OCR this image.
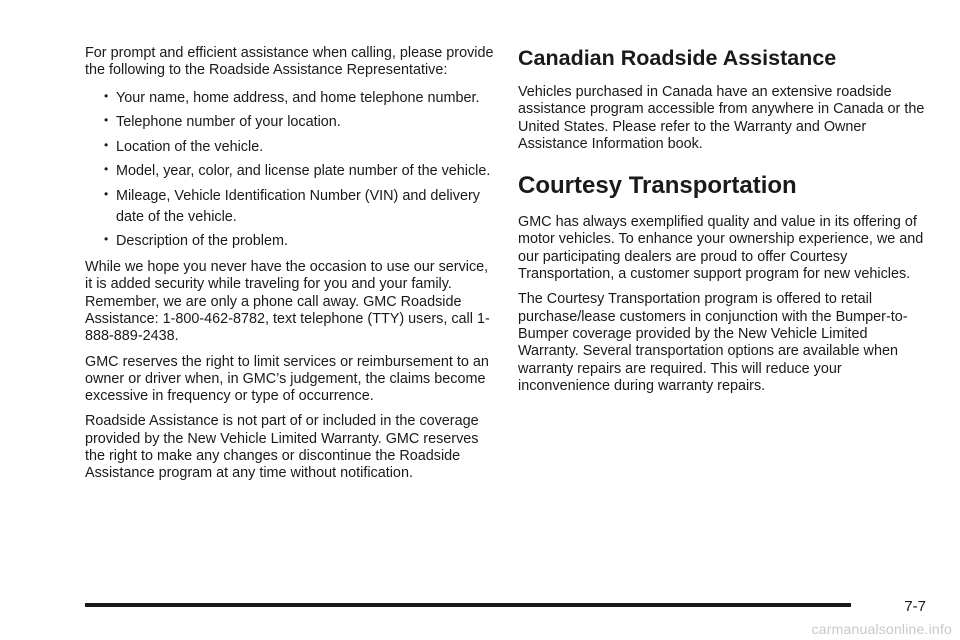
For prompt and efficient assistance when calling, please provide the following to the Roadside Assistance Representative:

• Your name, home address, and home telephone number.
• Telephone number of your location.
• Location of the vehicle.
• Model, year, color, and license plate number of the vehicle.
• Mileage, Vehicle Identification Number (VIN) and delivery date of the vehicle.
• Description of the problem.

While we hope you never have the occasion to use our service, it is added security while traveling for you and your family. Remember, we are only a phone call away. GMC Roadside Assistance: 1-800-462-8782, text telephone (TTY) users, call 1-888-889-2438.

GMC reserves the right to limit services or reimbursement to an owner or driver when, in GMC’s judgement, the claims become excessive in frequency or type of occurrence.

Roadside Assistance is not part of or included in the coverage provided by the New Vehicle Limited Warranty. GMC reserves the right to make any changes or discontinue the Roadside Assistance program at any time without notification.

Canadian Roadside Assistance

Vehicles purchased in Canada have an extensive roadside assistance program accessible from anywhere in Canada or the United States. Please refer to the Warranty and Owner Assistance Information book.

Courtesy Transportation

GMC has always exemplified quality and value in its offering of motor vehicles. To enhance your ownership experience, we and our participating dealers are proud to offer Courtesy Transportation, a customer support program for new vehicles.

The Courtesy Transportation program is offered to retail purchase/lease customers in conjunction with the Bumper-to-Bumper coverage provided by the New Vehicle Limited Warranty. Several transportation options are available when warranty repairs are required. This will reduce your inconvenience during warranty repairs.

7-7
carmanualsonline.info
